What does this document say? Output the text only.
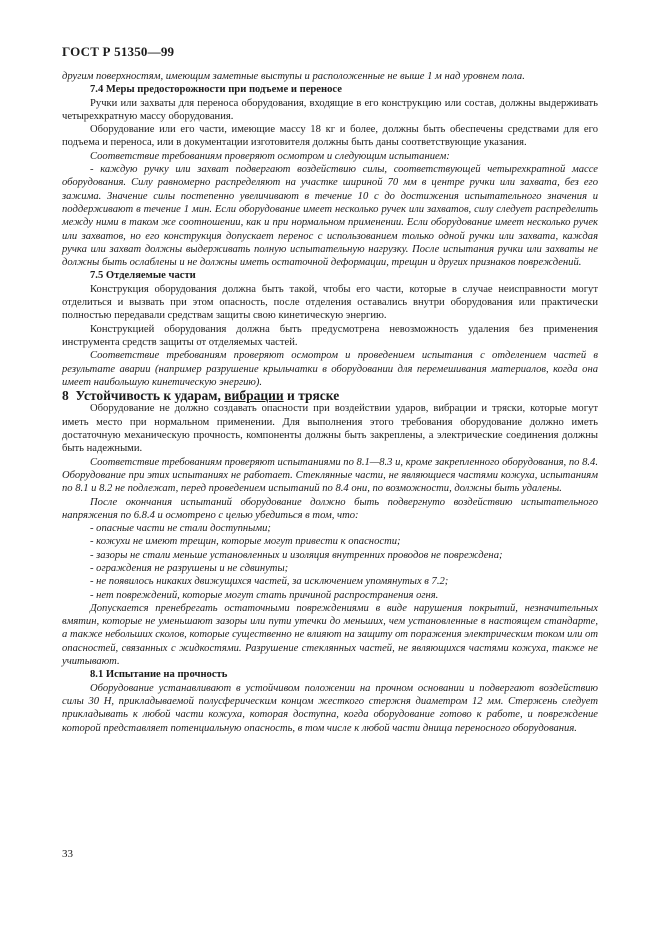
ГОСТ Р 51350—99

другим поверхностям, имеющим заметные выступы и расположенные не выше 1 м над уровнем пола.

7.4 Меры предосторожности при подъеме и переносе

Ручки или захваты для переноса оборудования, входящие в его конструкцию или состав, должны выдерживать четырехкратную массу оборудования.

Оборудование или его части, имеющие массу 18 кг и более, должны быть обеспечены средствами для его подъема и переноса, или в документации изготовителя должны быть даны соответствующие указания.

Соответствие требованиям проверяют осмотром и следующим испытанием:

- каждую ручку или захват подвергают воздействию силы, соответствующей четырехкратной массе оборудования. Силу равномерно распределяют на участке шириной 70 мм в центре ручки или захвата, без его зажима. Значение силы постепенно увеличивают в течение 10 с до достижения испытательного значения и поддерживают в течение 1 мин. Если оборудование имеет несколько ручек или захватов, силу следует распределить между ними в таком же соотношении, как и при нормальном применении. Если оборудование имеет несколько ручек или захватов, но его конструкция допускает перенос с использованием только одной ручки или захвата, каждая ручка или захват должны выдерживать полную испытательную нагрузку. После испытания ручки или захваты не должны быть ослаблены и не должны иметь остаточной деформации, трещин и других признаков повреждений.

7.5 Отделяемые части

Конструкция оборудования должна быть такой, чтобы его части, которые в случае неисправности могут отделиться и вызвать при этом опасность, после отделения оставались внутри оборудования или практически полностью передавали средствам защиты свою кинетическую энергию.

Конструкцией оборудования должна быть предусмотрена невозможность удаления без применения инструмента средств защиты от отделяемых частей.

Соответствие требованиям проверяют осмотром и проведением испытания с отделением частей в результате аварии (например разрушение крыльчатки в оборудовании для перемешивания материалов, когда она имеет наибольшую кинетическую энергию).

8 Устойчивость к ударам, вибрации и тряске

Оборудование не должно создавать опасности при воздействии ударов, вибрации и тряски, которые могут иметь место при нормальном применении. Для выполнения этого требования оборудование должно иметь достаточную механическую прочность, компоненты должны быть закреплены, а электрические соединения должны быть надежными.

Соответствие требованиям проверяют испытаниями по 8.1—8.3 и, кроме закрепленного оборудования, по 8.4. Оборудование при этих испытаниях не работает. Стеклянные части, не являющиеся частями кожуха, испытаниям по 8.1 и 8.2 не подлежат, перед проведением испытаний по 8.4 они, по возможности, должны быть удалены.

После окончания испытаний оборудование должно быть подвергнуто воздействию испытательного напряжения по 6.8.4 и осмотрено с целью убедиться в том, что:

- опасные части не стали доступными;
- кожухи не имеют трещин, которые могут привести к опасности;
- зазоры не стали меньше установленных и изоляция внутренних проводов не повреждена;
- ограждения не разрушены и не сдвинуты;
- не появилось никаких движущихся частей, за исключением упомянутых в 7.2;
- нет повреждений, которые могут стать причиной распространения огня.

Допускается пренебрегать остаточными повреждениями в виде нарушения покрытий, незначительных вмятин, которые не уменьшают зазоры или пути утечки до меньших, чем установленные в настоящем стандарте, а также небольших сколов, которые существенно не влияют на защиту от поражения электрическим током или от опасностей, связанных с жидкостями. Разрушение стеклянных частей, не являющихся частями кожуха, также не учитывают.

8.1 Испытание на прочность

Оборудование устанавливают в устойчивом положении на прочном основании и подвергают воздействию силы 30 Н, прикладываемой полусферическим концом жесткого стержня диаметром 12 мм. Стержень следует прикладывать к любой части кожуха, которая доступна, когда оборудование готово к работе, и повреждение которой представляет потенциальную опасность, в том числе к любой части днища переносного оборудования.

33
